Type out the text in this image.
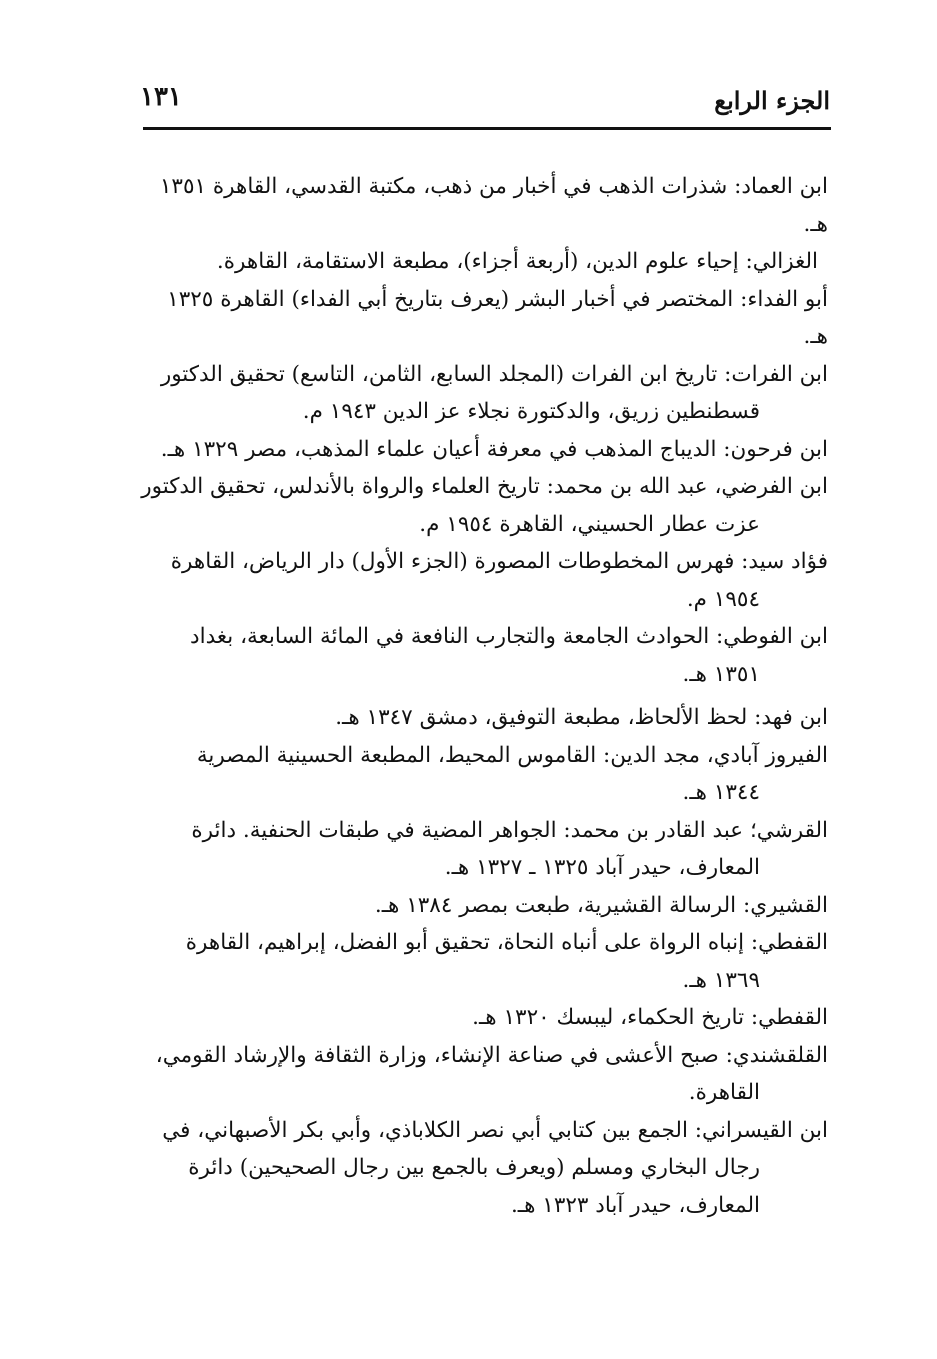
الجزء الرابع
١٣١

ابن العماد: شذرات الذهب في أخبار من ذهب، مكتبة القدسي، القاهرة ١٣٥١ هـ.

الغزالي: إحياء علوم الدين، (أربعة أجزاء)، مطبعة الاستقامة، القاهرة.

أبو الفداء: المختصر في أخبار البشر (يعرف بتاريخ أبي الفداء) القاهرة ١٣٢٥ هـ.

ابن الفرات: تاريخ ابن الفرات (المجلد السابع، الثامن، التاسع) تحقيق الدكتور
قسطنطين زريق، والدكتورة نجلاء عز الدين ١٩٤٣ م.

ابن فرحون: الديباج المذهب في معرفة أعيان علماء المذهب، مصر ١٣٢٩ هـ.

ابن الفرضي، عبد الله بن محمد: تاريخ العلماء والرواة بالأندلس، تحقيق الدكتور
عزت عطار الحسيني، القاهرة ١٩٥٤ م.

فؤاد سيد: فهرس المخطوطات المصورة (الجزء الأول) دار الرياض، القاهرة
١٩٥٤ م.

ابن الفوطي: الحوادث الجامعة والتجارب النافعة في المائة السابعة، بغداد
١٣٥١ هـ.

ابن فهد: لحظ الألحاظ، مطبعة التوفيق، دمشق ١٣٤٧ هـ.

الفيروز آبادي، مجد الدين: القاموس المحيط، المطبعة الحسينية المصرية
١٣٤٤ هـ.

القرشي؛ عبد القادر بن محمد: الجواهر المضية في طبقات الحنفية. دائرة
المعارف، حيدر آباد ١٣٢٥ ـ ١٣٢٧ هـ.

القشيري: الرسالة القشيرية، طبعت بمصر ١٣٨٤ هـ.

القفطي: إنباه الرواة على أنباه النحاة، تحقيق أبو الفضل، إبراهيم، القاهرة
١٣٦٩ هـ.

القفطي: تاريخ الحكماء، ليبسك ١٣٢٠ هـ.

القلقشندي: صبح الأعشى في صناعة الإنشاء، وزارة الثقافة والإرشاد القومي،
القاهرة.

ابن القيسراني: الجمع بين كتابي أبي نصر الكلاباذي، وأبي بكر الأصبهاني، في
رجال البخاري ومسلم (ويعرف بالجمع بين رجال الصحيحين) دائرة
المعارف، حيدر آباد ١٣٢٣ هـ.
